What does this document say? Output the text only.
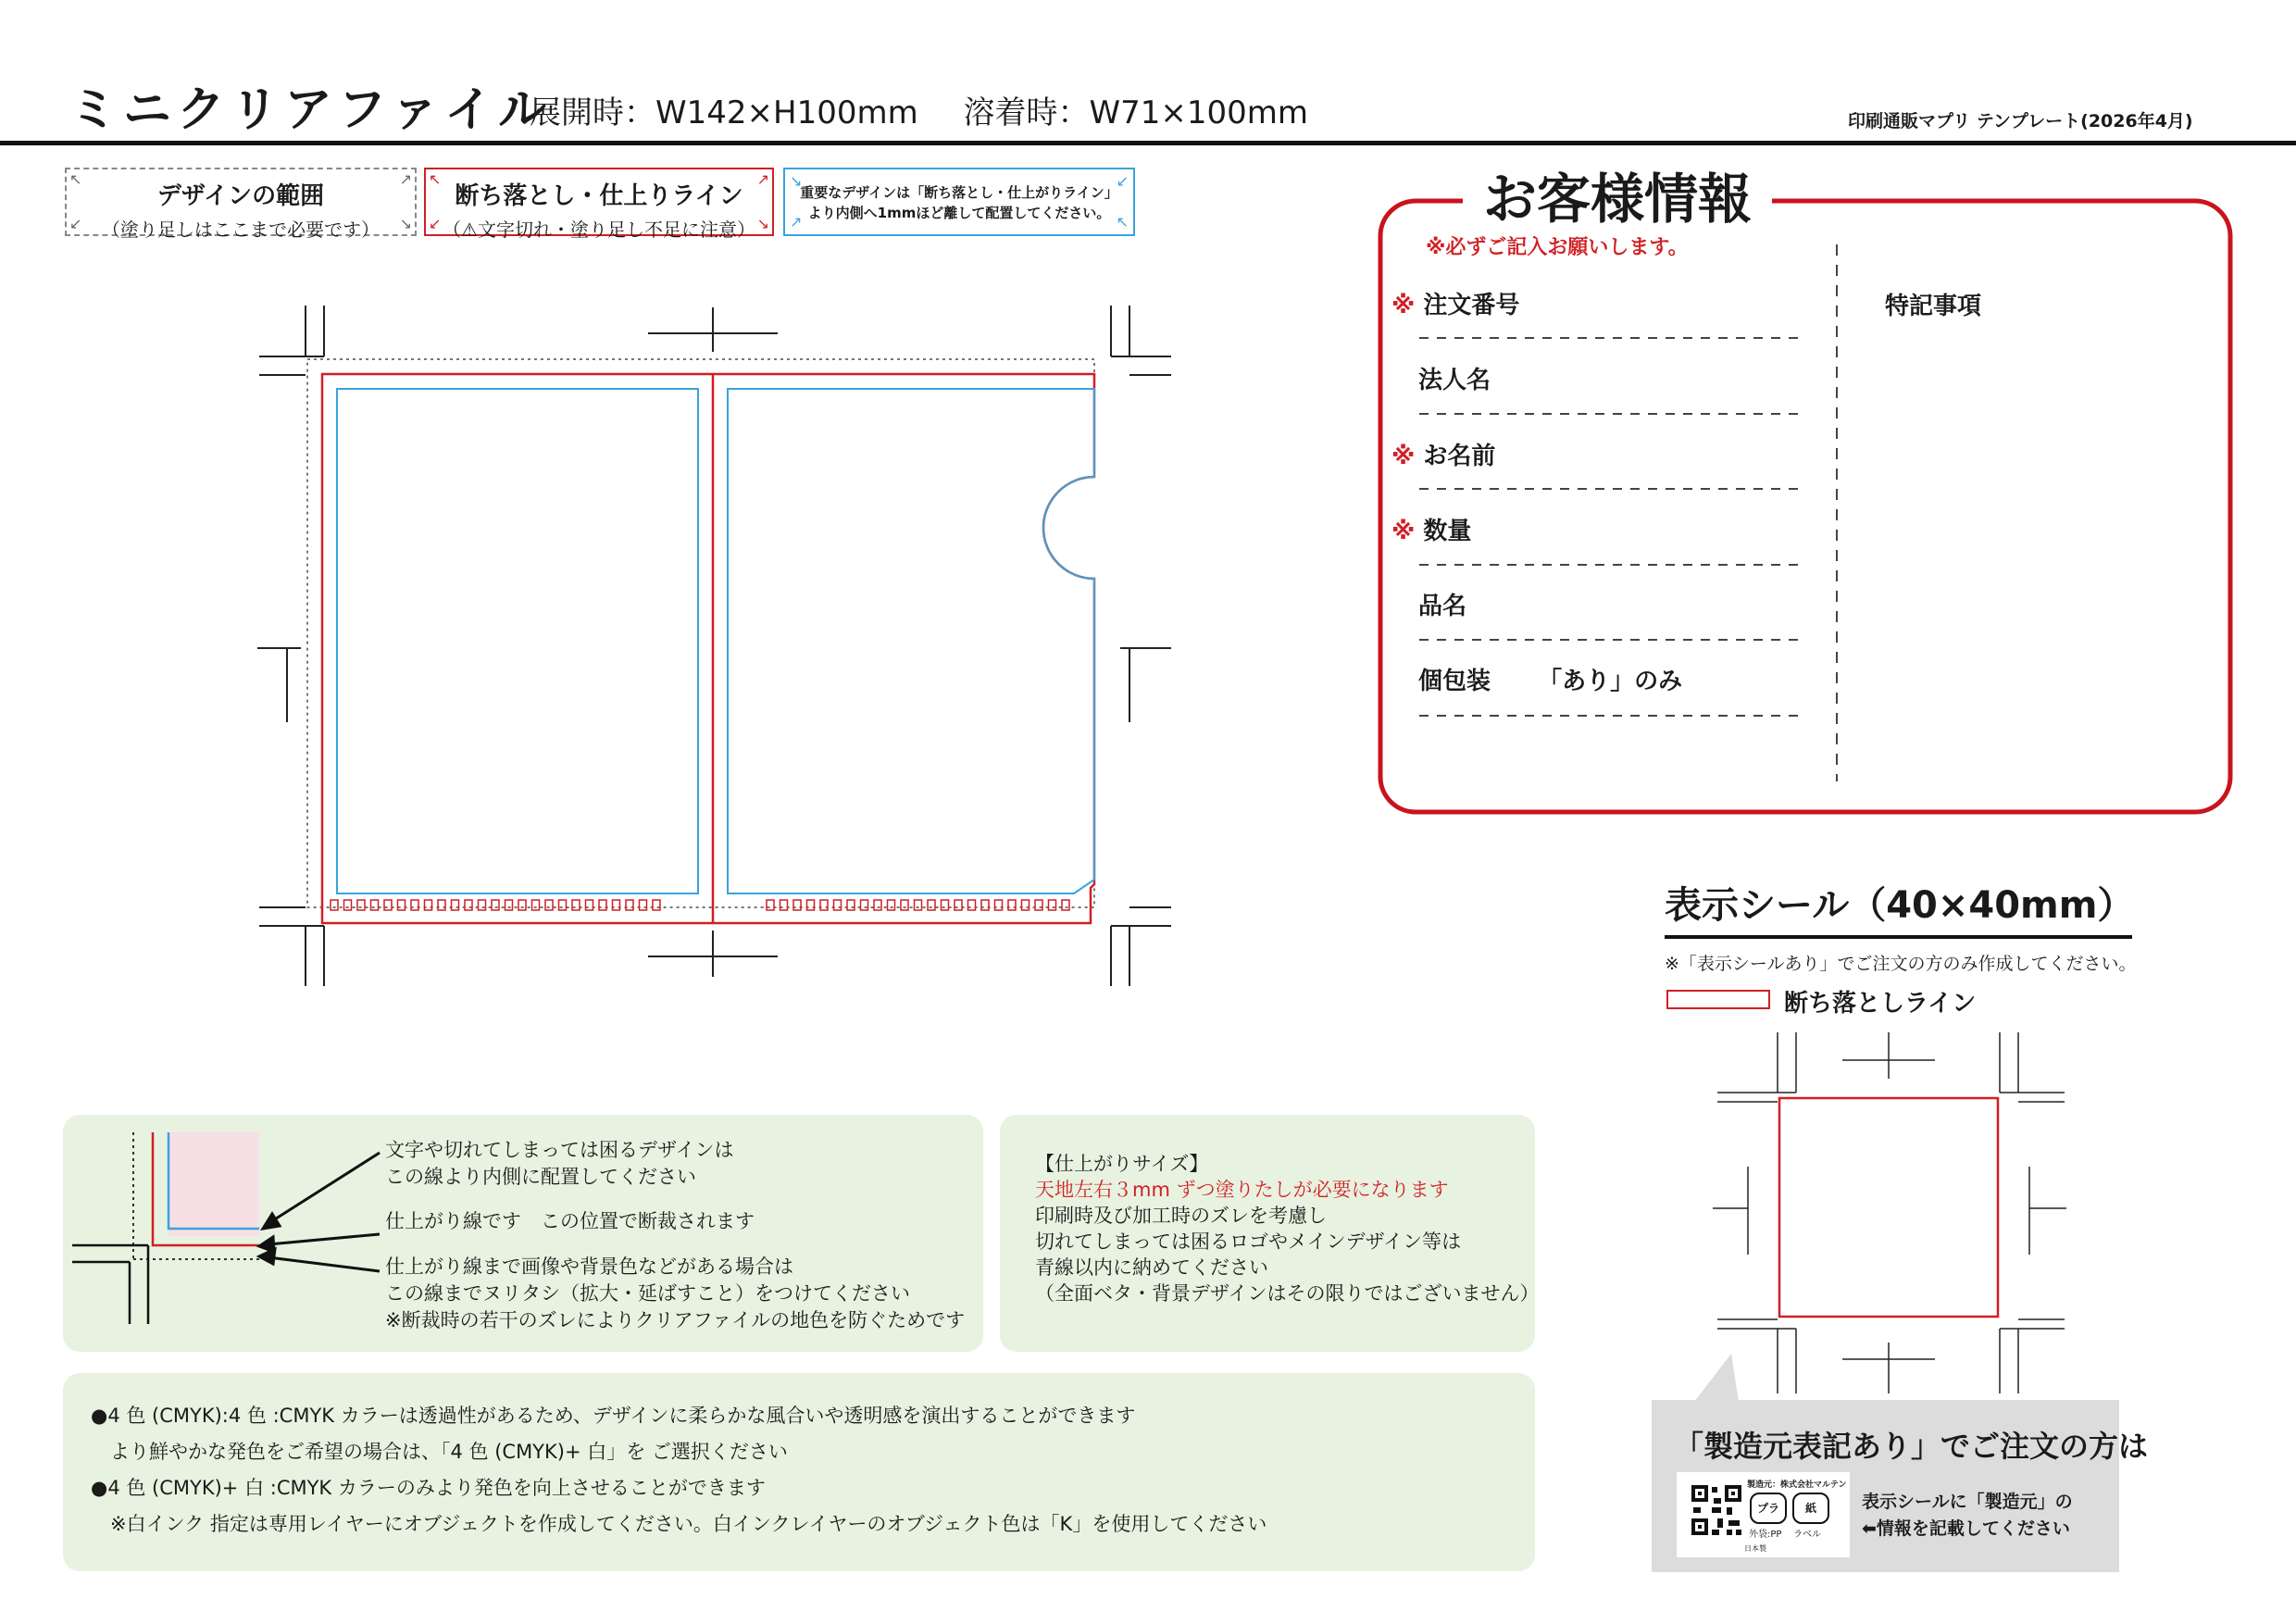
ミニクリアファイル
展開時：W142×H100mm 溶着時：W71×100mm	印刷通販マプリ テンプレート(2026年4月)
↖	↗
↙	↘
デザインの範囲
（塗り足しはここまで必要です）
↖	↗
↙	↘
断ち落とし・仕上りライン
（⚠文字切れ・塗り足し不足に注意）
↘	↙
↗	↖
重要なデザインは「断ち落とし・仕上がりライン」
より内側へ1mmほど離して配置してください。	お客様情報
※必ずご記入お願いします。
※ 注文番号
法人名
※ お名前
※ 数量
品名
個包装 「あり」のみ
特記事項
表示シール（40×40mm）
※「表示シールあり」でご注文の方のみ作成してください。
断ち落としライン
文字や切れてしまっては困るデザインは
この線より内側に配置してください
仕上がり線です　この位置で断裁されます
仕上がり線まで画像や背景色などがある場合は
この線までヌリタシ（拡大・延ばすこと）をつけてください
※断裁時の若干のズレによりクリアファイルの地色を防ぐためです
【仕上がりサイズ】
天地左右３mm ずつ塗りたしが必要になります
印刷時及び加工時のズレを考慮し
切れてしまっては困るロゴやメインデザイン等は
青線以内に納めてください
（全面ベタ・背景デザインはその限りではございません）
●4 色 (CMYK):4 色 :CMYK カラーは透過性があるため、デザインに柔らかな風合いや透明感を演出することができます
　より鮮やかな発色をご希望の場合は、「4 色 (CMYK)+ 白」を ご選択ください
●4 色 (CMYK)+ 白 :CMYK カラーのみより発色を向上させることができます
　※白インク 指定は専用レイヤーにオブジェクトを作成してください。白インクレイヤーのオブジェクト色は「K」を使用してください
「製造元表記あり」でご注文の方は
製造元：株式会社マルテン
プラ	紙
外袋:PP ラベル
日本製
表示シールに「製造元」の
⬅情報を記載してください
